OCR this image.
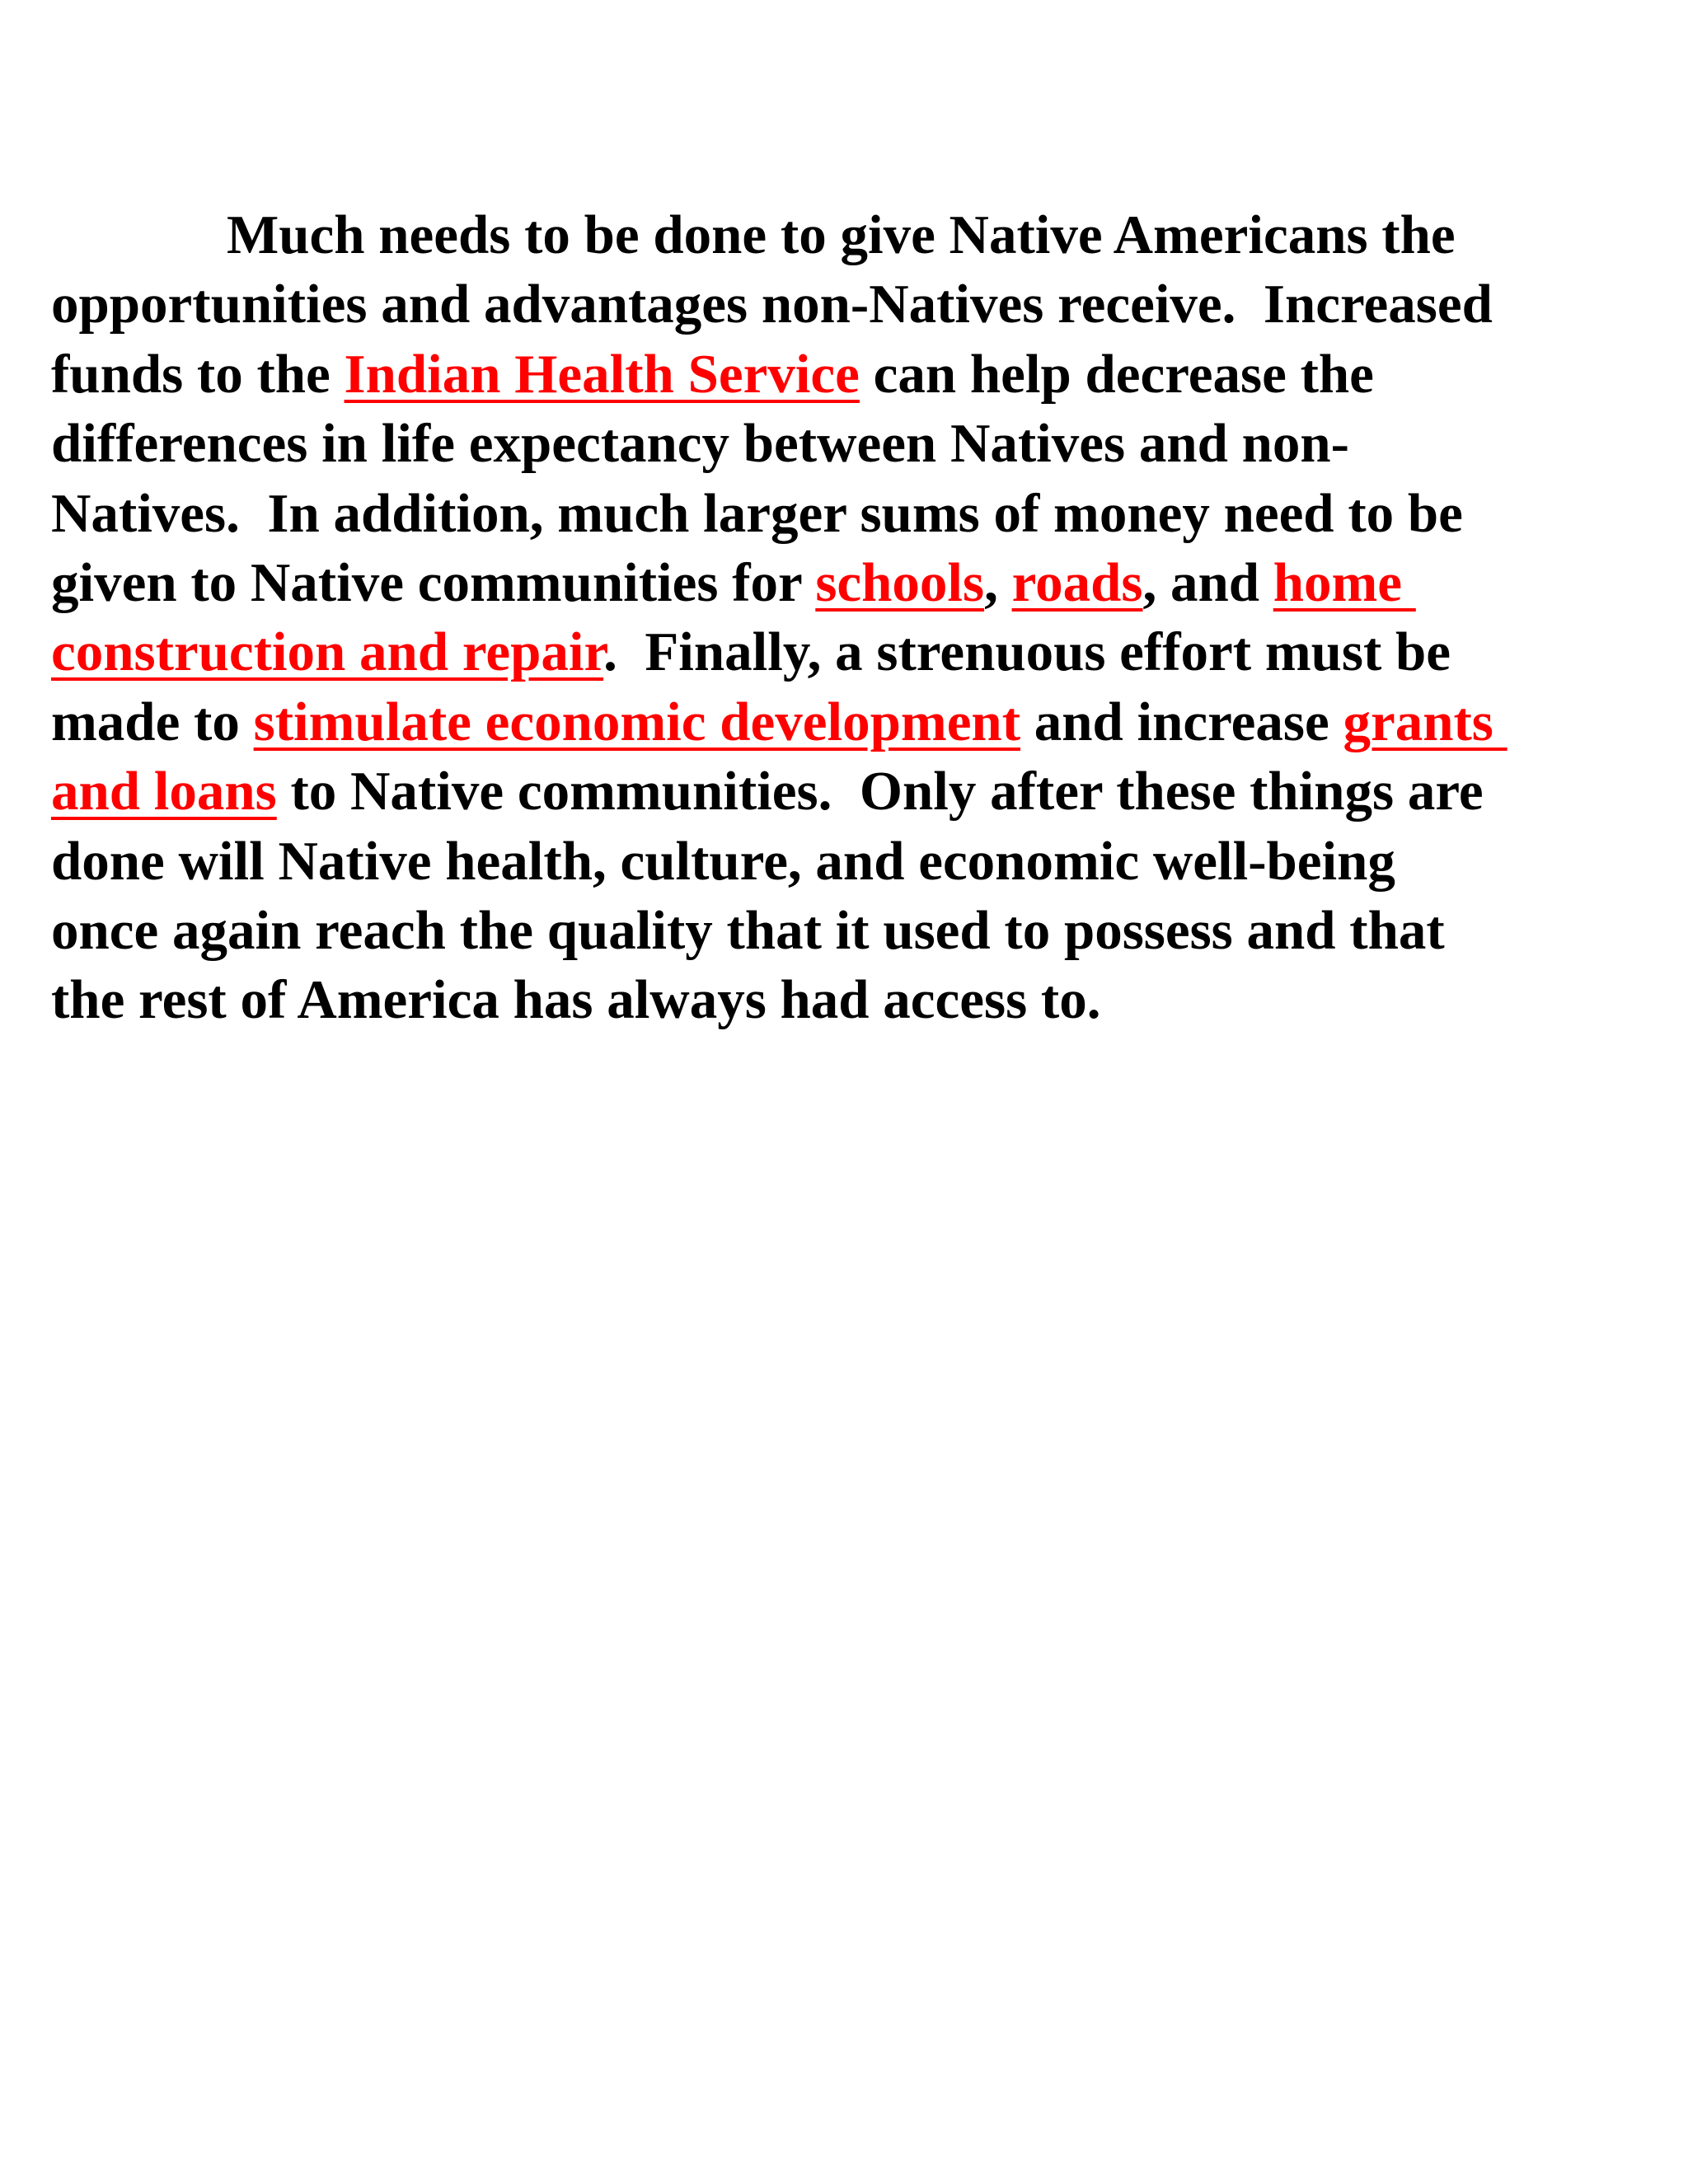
Much needs to be done to give Native Americans the
opportunities and advantages non-Natives receive.  Increased
funds to the Indian Health Service can help decrease the
differences in life expectancy between Natives and non-
Natives.  In addition, much larger sums of money need to be
given to Native communities for schools, roads, and home
construction and repair.  Finally, a strenuous effort must be
made to stimulate economic development and increase grants
and loans to Native communities.  Only after these things are
done will Native health, culture, and economic well-being
once again reach the quality that it used to possess and that
the rest of America has always had access to.
